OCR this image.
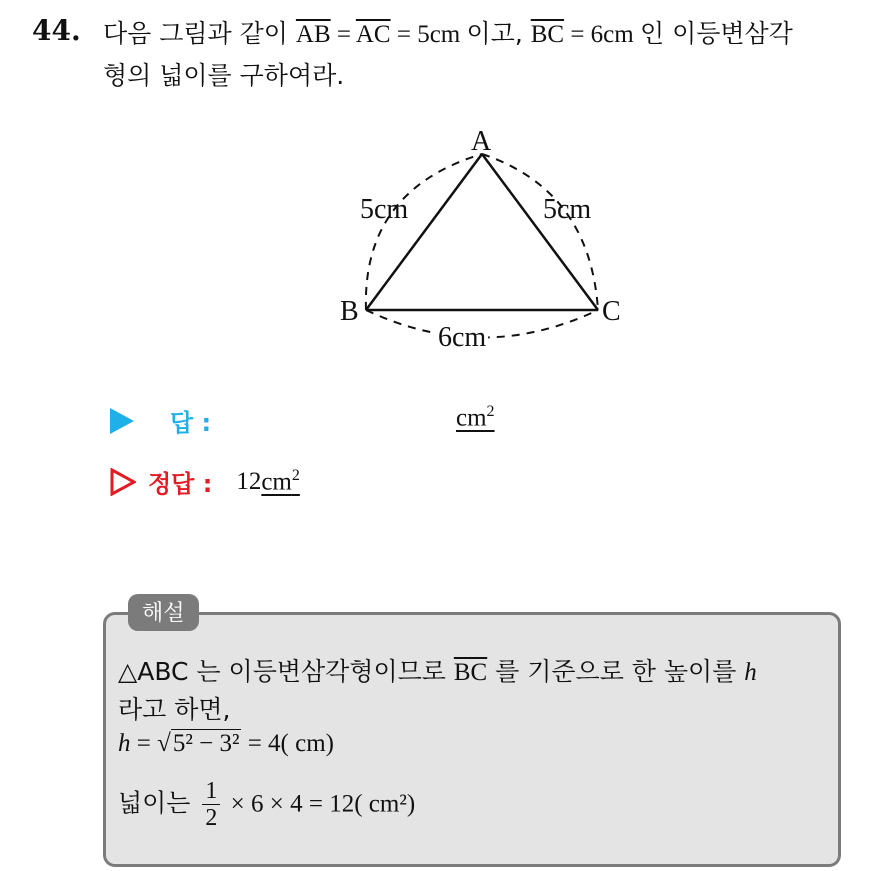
44. 다음 그림과 같이 $\overline{AB} = \overline{AC} = 5cm$ 이고, $\overline{BC} = 6cm$ 인 이등변삼각
형의 넓이를 구하여라.
A
B	C
5cm	5cm
6cm
답 :	$cm^2$
정답 : 12 $cm^2$
해설
△ABC 는 이등변삼각형이므로 $\overline{BC}$ 를 기준으로 한 높이를 h
라고 하면,
h = √5² − 3² = 4( cm)
넓이는 $\frac{1}{2} \times 6 \times 4 = 12$( cm²)
